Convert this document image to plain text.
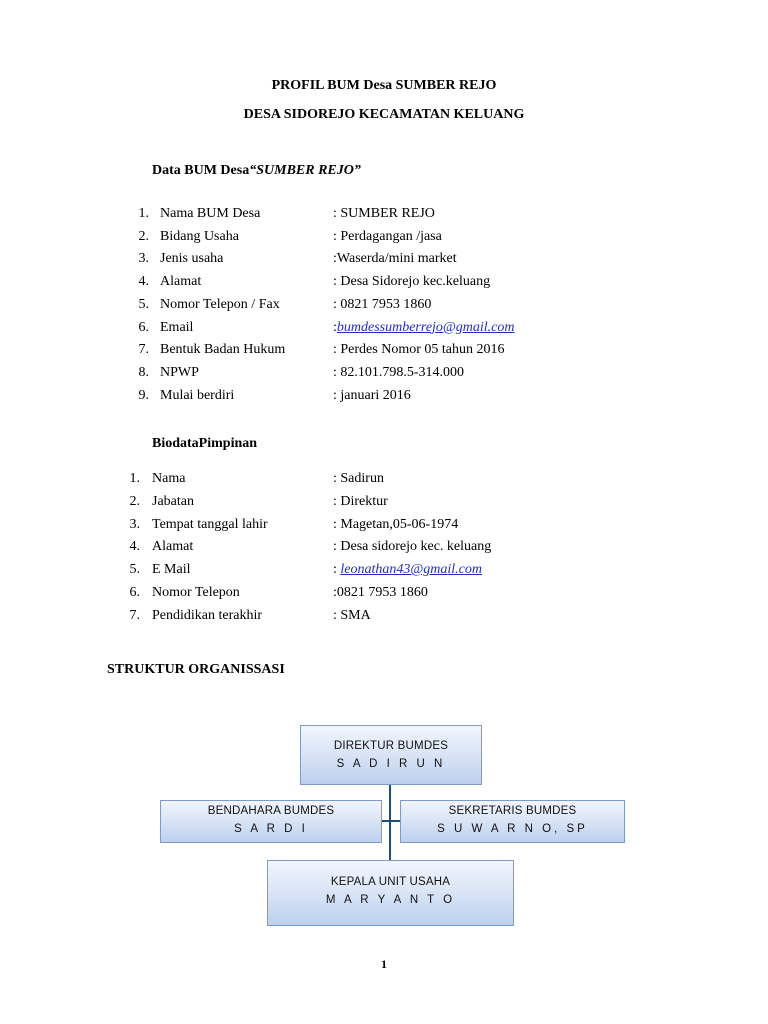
PROFIL BUM Desa SUMBER REJO
DESA SIDOREJO KECAMATAN KELUANG
Data BUM Desa“SUMBER REJO”
1. Nama BUM Desa	: SUMBER REJO
2. Bidang Usaha	: Perdagangan /jasa
3. Jenis usaha	:Waserda/mini market
4. Alamat	: Desa Sidorejo kec.keluang
5. Nomor Telepon / Fax	: 0821 7953 1860
6. Email	:bumdessumberrejo@gmail.com
7. Bentuk Badan Hukum	: Perdes Nomor 05 tahun 2016
8. NPWP	: 82.101.798.5-314.000
9. Mulai berdiri	: januari 2016
BiodataPimpinan
1. Nama	: Sadirun
2. Jabatan	: Direktur
3. Tempat tanggal lahir	: Magetan,05-06-1974
4. Alamat	: Desa sidorejo kec. keluang
5. E Mail	: leonathan43@gmail.com
6. Nomor Telepon	:0821 7953 1860
7. Pendidikan terakhir	: SMA
STRUKTUR ORGANISSASI
DIREKTUR BUMDES
S A D I R U N
BENDAHARA BUMDES
S A R D I
SEKRETARIS BUMDES
S U W A R N O, SP
KEPALA UNIT USAHA
M A R Y A N T O
1
